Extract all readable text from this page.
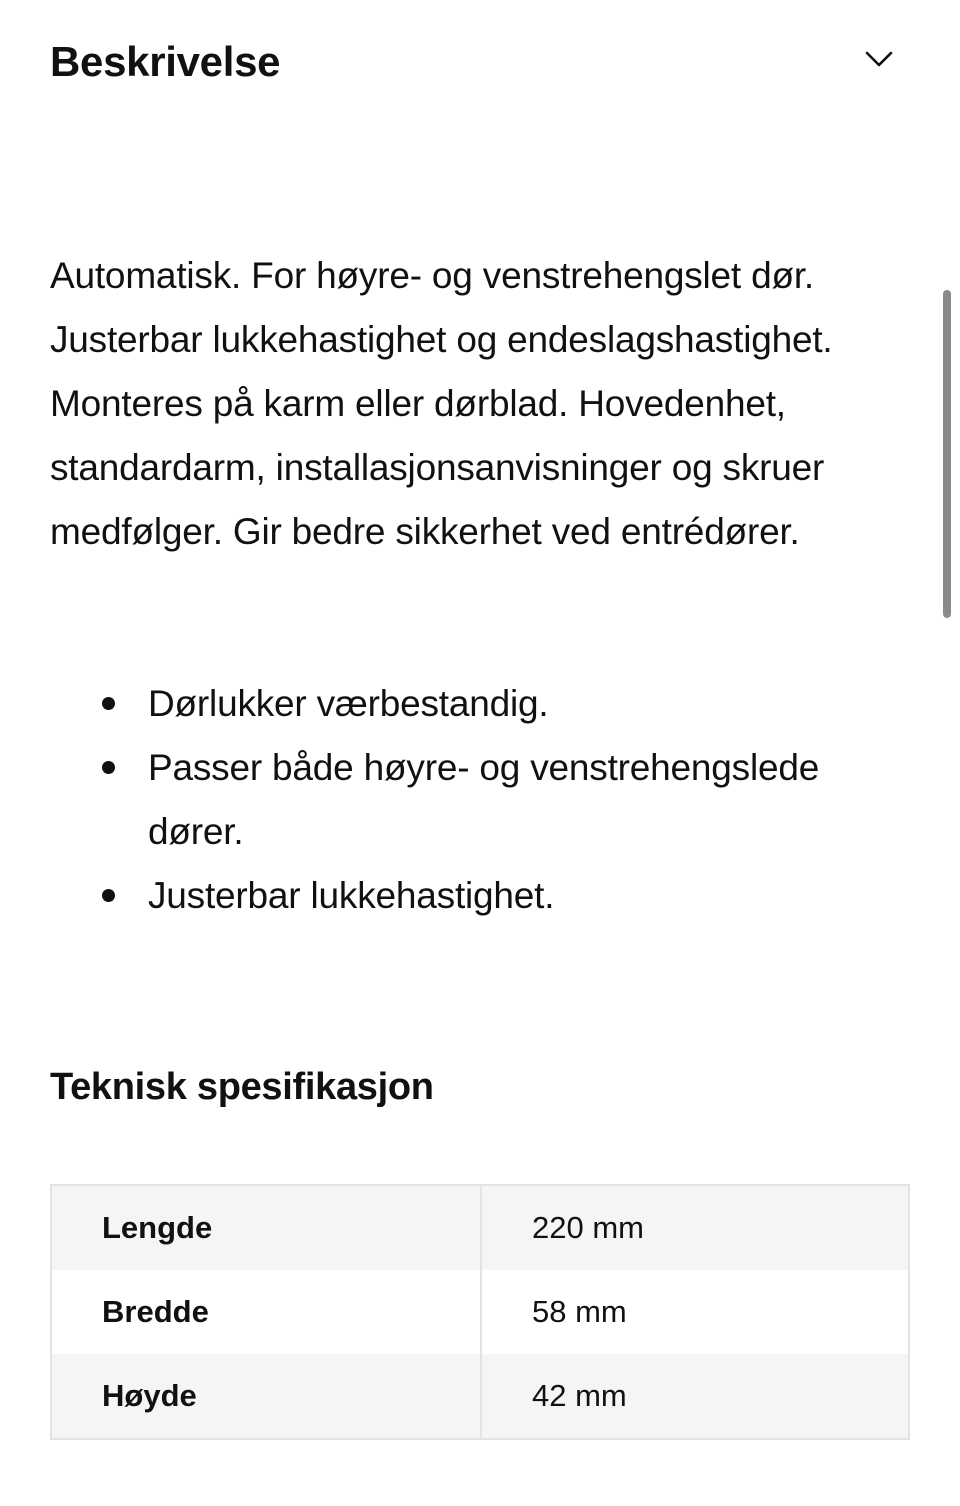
Beskrivelse

Automatisk. For høyre- og venstrehengslet dør. Justerbar lukkehastighet og endeslagshastighet. Monteres på karm eller dørblad. Hovedenhet, standardarm, installasjonsanvisninger og skruer medfølger. Gir bedre sikkerhet ved entrédører.

Dørlukker værbestandig.
Passer både høyre- og venstrehengslede dører.
Justerbar lukkehastighet.
Teknisk spesifikasjon
Lengde	220 mm
Bredde	58 mm
Høyde	42 mm
